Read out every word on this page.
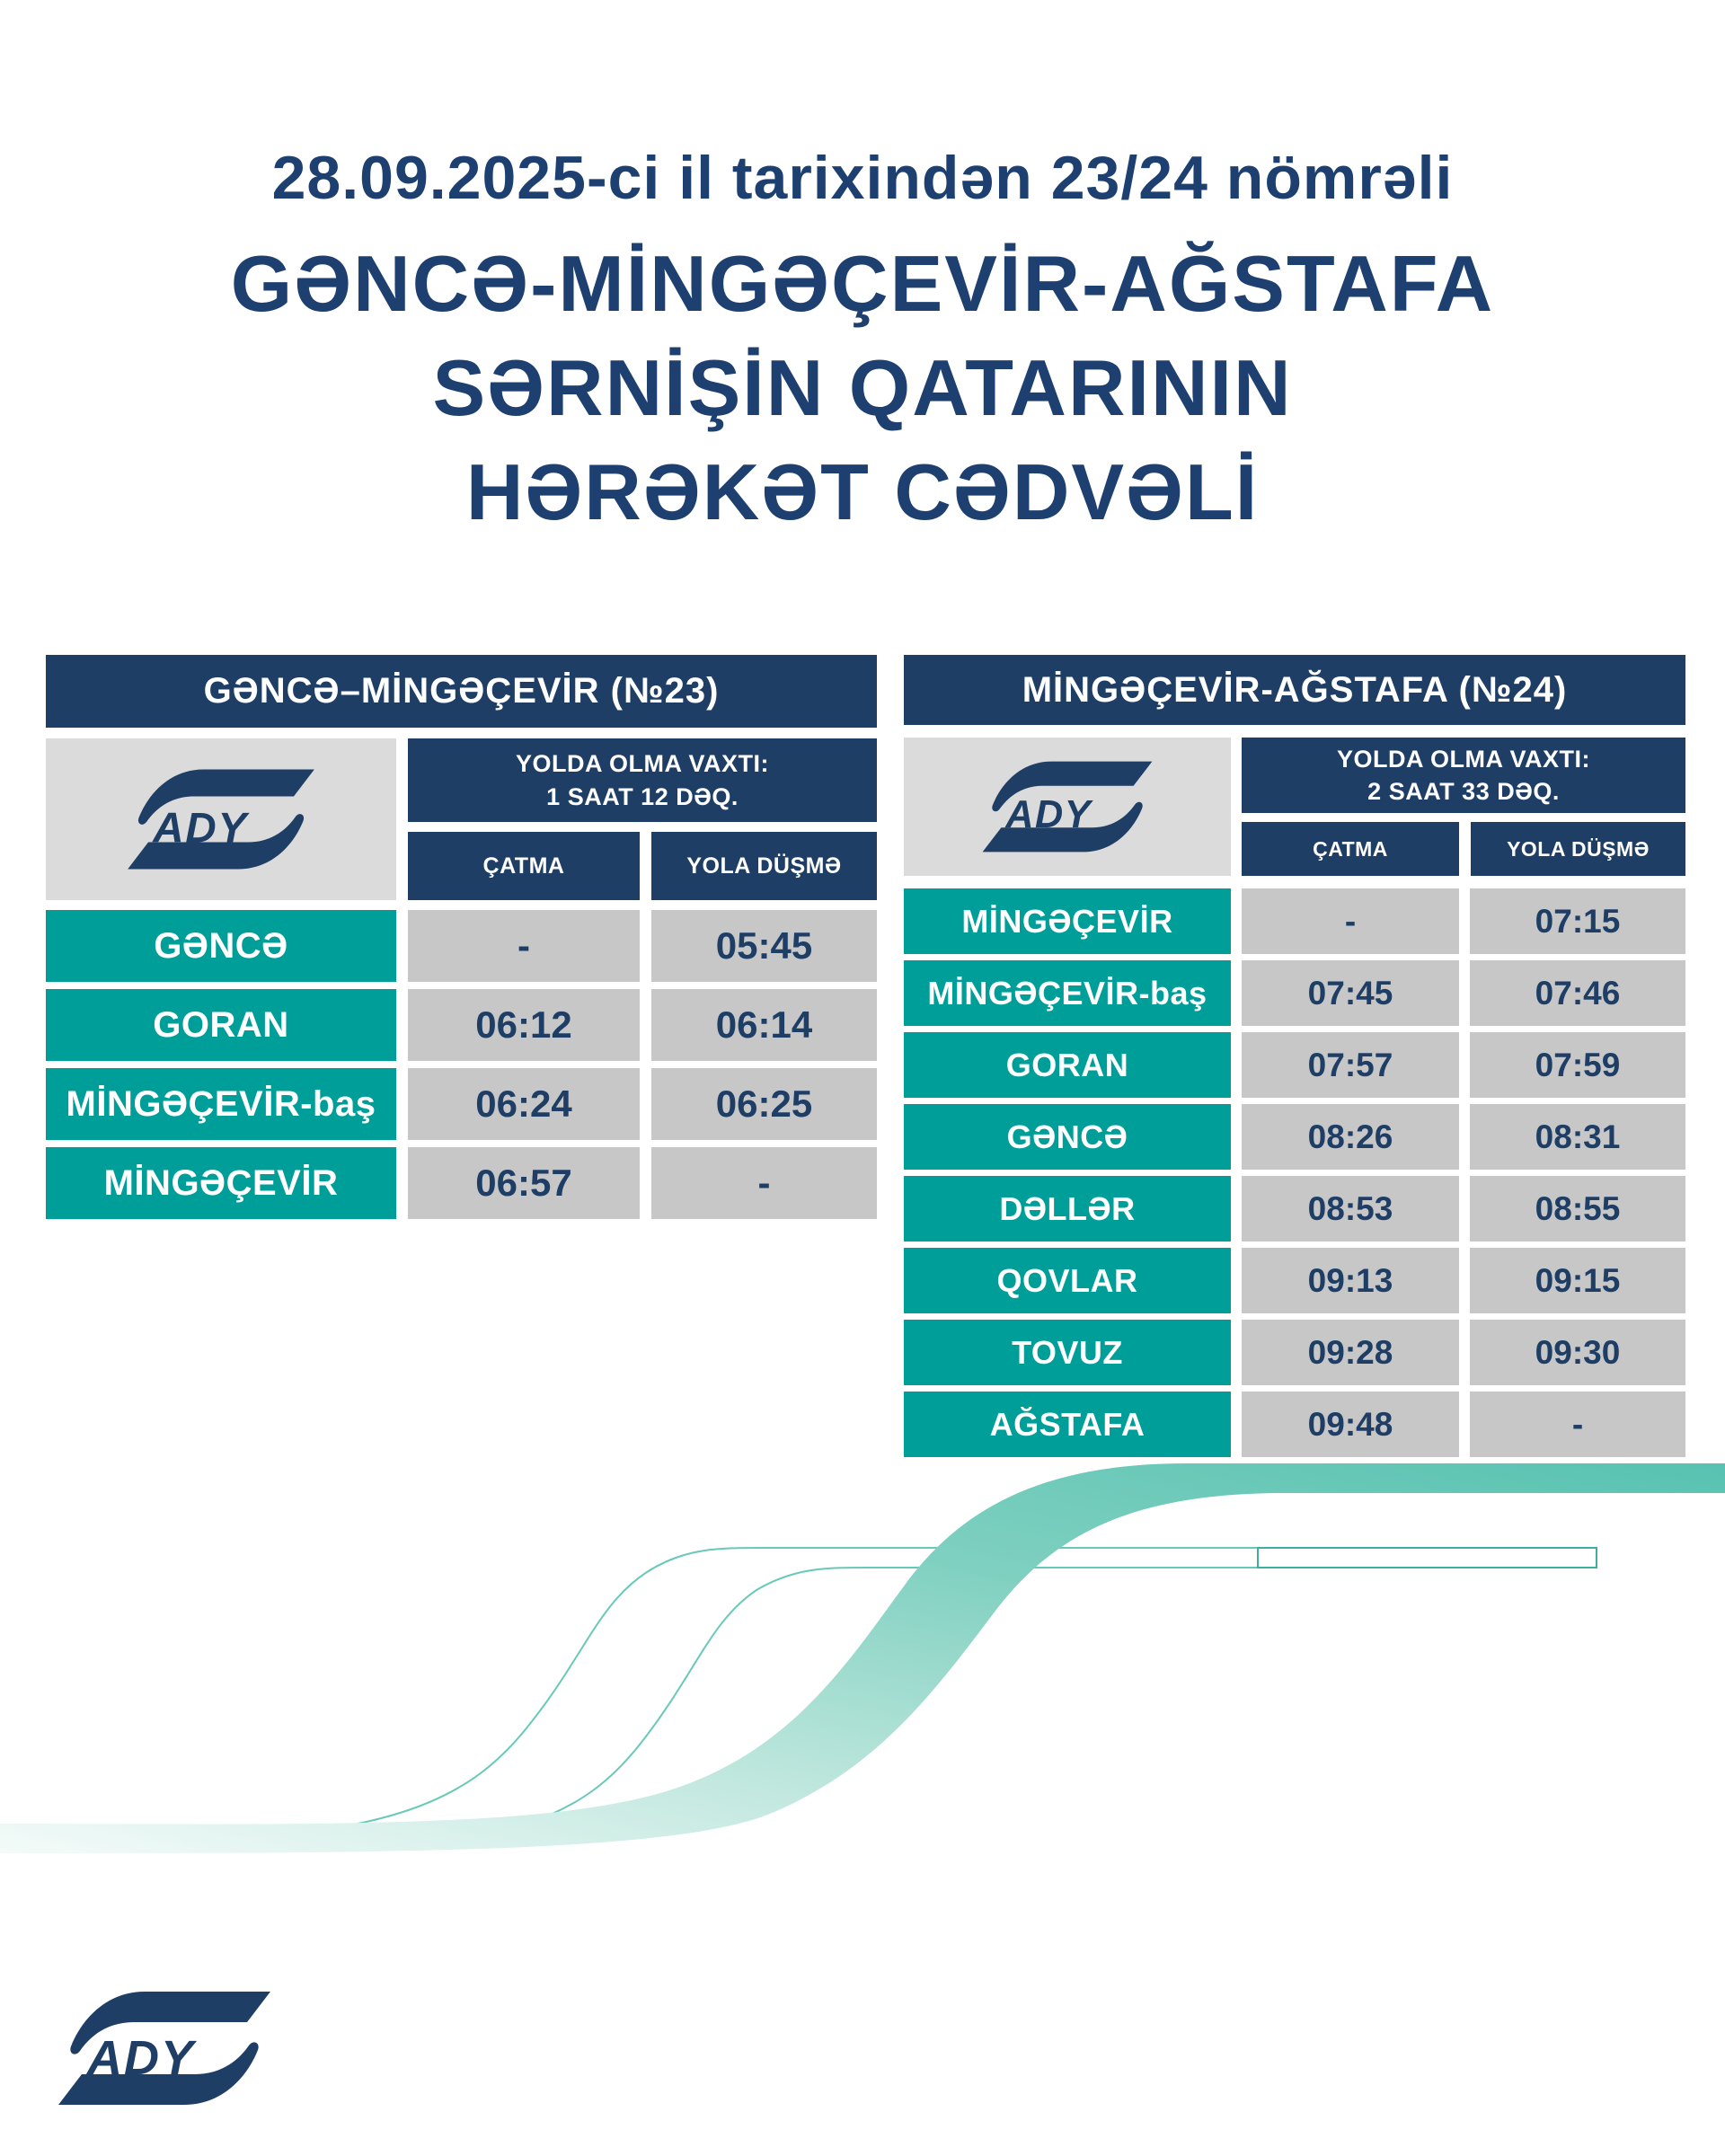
28.09.2025-ci il tarixindən 23/24 nömrəli
GƏNCƏ-MİNGƏÇEVİR-AĞSTAFA
SƏRNİŞİN QATARININ
HƏRƏKƏT CƏDVƏLİ
GƏNCƏ–MİNGƏÇEVİR (№23)
YOLDA OLMA VAXTI:
1 SAAT 12 DƏQ.
ÇATMA	YOLA DÜŞMƏ
GƏNCƏ	-	05:45
GORAN	06:12	06:14
MİNGƏÇEVİR-baş	06:24	06:25
MİNGƏÇEVİR	06:57	-
MİNGƏÇEVİR-AĞSTAFA (№24)
YOLDA OLMA VAXTI:
2 SAAT 33 DƏQ.
ÇATMA	YOLA DÜŞMƏ
MİNGƏÇEVİR	-	07:15
MİNGƏÇEVİR-baş	07:45	07:46
GORAN	07:57	07:59
GƏNCƏ	08:26	08:31
DƏLLƏR	08:53	08:55
QOVLAR	09:13	09:15
TOVUZ	09:28	09:30
AĞSTAFA	09:48	-
